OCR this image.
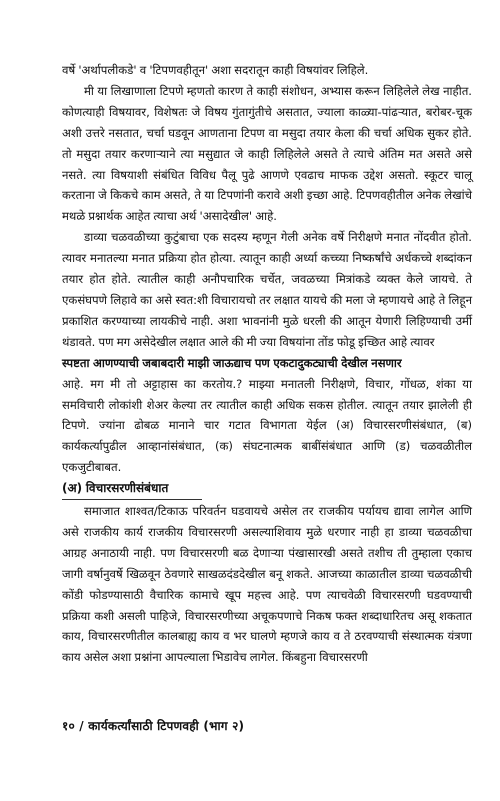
वर्षे 'अर्थापलीकडे' व 'टिपणवहीतून' अशा सदरातून काही विषयांवर लिहिले.

मी या लिखाणाला टिपणे म्हणतो कारण ते काही संशोधन, अभ्यास करून लिहिलेले लेख नाहीत. कोणत्याही विषयावर, विशेषतः जे विषय गुंतागुंतीचे असतात, ज्याला काळ्या-पांढऱ्यात, बरोबर-चूक अशी उत्तरे नसतात, चर्चा घडवून आणताना टिपण वा मसुदा तयार केला की चर्चा अधिक सुकर होते. तो मसुदा तयार करणाऱ्याने त्या मसुद्यात जे काही लिहिलेले असते ते त्याचे अंतिम मत असते असे नसते. त्या विषयाशी संबंधित विविध पैलू पुढे आणणे एवढाच माफक उद्देश असतो. स्कूटर चालू करताना जे किकचे काम असते, ते या टिपणांनी करावे अशी इच्छा आहे. टिपणवहीतील अनेक लेखांचे मथळे प्रश्नार्थक आहेत त्याचा अर्थ 'असादेखील' आहे.

डाव्या चळवळीच्या कुटुंबाचा एक सदस्य म्हणून गेली अनेक वर्षे निरीक्षणे मनात नोंदवीत होतो. त्यावर मनातल्या मनात प्रक्रिया होत होत्या. त्यातून काही अर्ध्या कच्च्या निष्कर्षांचे अर्धकच्चे शब्दांकन तयार होत होते. त्यातील काही अनौपचारिक चर्चेत, जवळच्या मित्रांकडे व्यक्त केले जायचे. ते एकसंघपणे लिहावे का असे स्वत:शी विचारायचो तर लक्षात यायचे की मला जे म्हणायचे आहे ते लिहून प्रकाशित करण्याच्या लायकीचे नाही. अशा भावनांनी मुळे धरली की आतून येणारी लिहिण्याची उर्मी थंडावते. पण मग असेदेखील लक्षात आले की मी ज्या विषयांना तोंड फोडू इच्छित आहे त्यावर

स्पष्टता आणण्याची जबाबदारी माझी जाऊद्याच पण एकटादुकट्याची देखील नसणार

आहे. मग मी तो अट्टाहास का करतोय.? माझ्या मनातली निरीक्षणे, विचार, गोंधळ, शंका या समविचारी लोकांशी शेअर केल्या तर त्यातील काही अधिक सकस होतील. त्यातून तयार झालेली ही टिपणे. ज्यांना ढोबळ मानाने चार गटात विभागता येईल (अ) विचारसरणीसंबंधात, (ब) कार्यकर्त्यापुढील आव्हानांसंबंधात, (क) संघटनात्मक बाबींसंबंधात आणि (ड) चळवळीतील एकजुटीबाबत.

(अ) विचारसरणीसंबंधात

समाजात शाश्वत/टिकाऊ परिवर्तन घडवायचे असेल तर राजकीय पर्यायच द्यावा लागेल आणि असे राजकीय कार्य राजकीय विचारसरणी असल्याशिवाय मुळे धरणार नाही हा डाव्या चळवळीचा आग्रह अनाठायी नाही. पण विचारसरणी बळ देणाऱ्या पंखासारखी असते तशीच ती तुम्हाला एकाच जागी वर्षानुवर्षे खिळवून ठेवणारे साखळदंडदेखील बनू शकते. आजच्या काळातील डाव्या चळवळीची कोंडी फोडण्यासाठी वैचारिक कामाचे खूप महत्त्व आहे. पण त्याचवेळी विचारसरणी घडवण्याची प्रक्रिया कशी असली पाहिजे, विचारसरणीच्या अचूकपणाचे निकष फक्त शब्दाधारितच असू शकतात काय, विचारसरणीतील कालबाह्य काय व भर घालणे म्हणजे काय व ते ठरवण्याची संस्थात्मक यंत्रणा काय असेल अशा प्रश्नांना आपल्याला भिडावेच लागेल. किंबहुना विचारसरणी

१० / कार्यकर्त्यांसाठी टिपणवही (भाग २)
